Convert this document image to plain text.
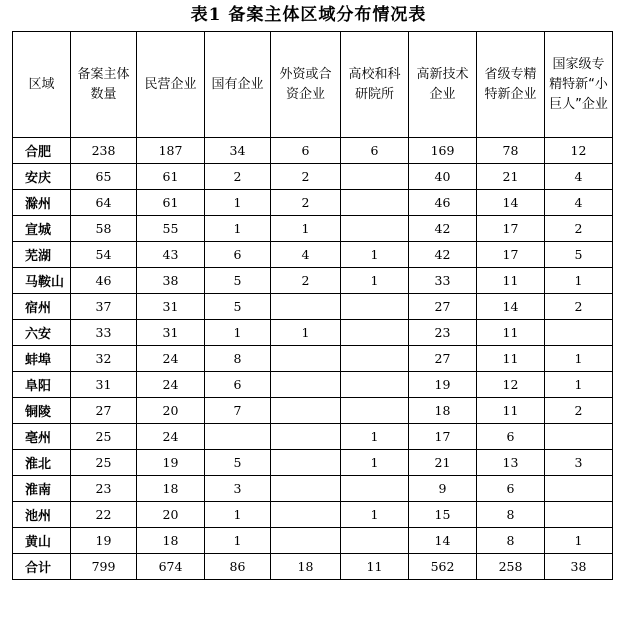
表1 备案主体区域分布情况表
区域	备案主体数量	民营企业	国有企业	外资或合资企业	高校和科研院所	高新技术企业	省级专精特新企业	国家级专精特新“小巨人”企业

合肥	238	187	34	6	6	169	78	12
安庆	65	61	2	2		40	21	4
滁州	64	61	1	2		46	14	4
宣城	58	55	1	1		42	17	2
芜湖	54	43	6	4	1	42	17	5
马鞍山	46	38	5	2	1	33	11	1
宿州	37	31	5			27	14	2
六安	33	31	1	1		23	11	
蚌埠	32	24	8			27	11	1
阜阳	31	24	6			19	12	1
铜陵	27	20	7			18	11	2
亳州	25	24			1	17	6	
淮北	25	19	5		1	21	13	3
淮南	23	18	3			9	6	
池州	22	20	1		1	15	8	
黄山	19	18	1			14	8	1
合计	799	674	86	18	11	562	258	38
